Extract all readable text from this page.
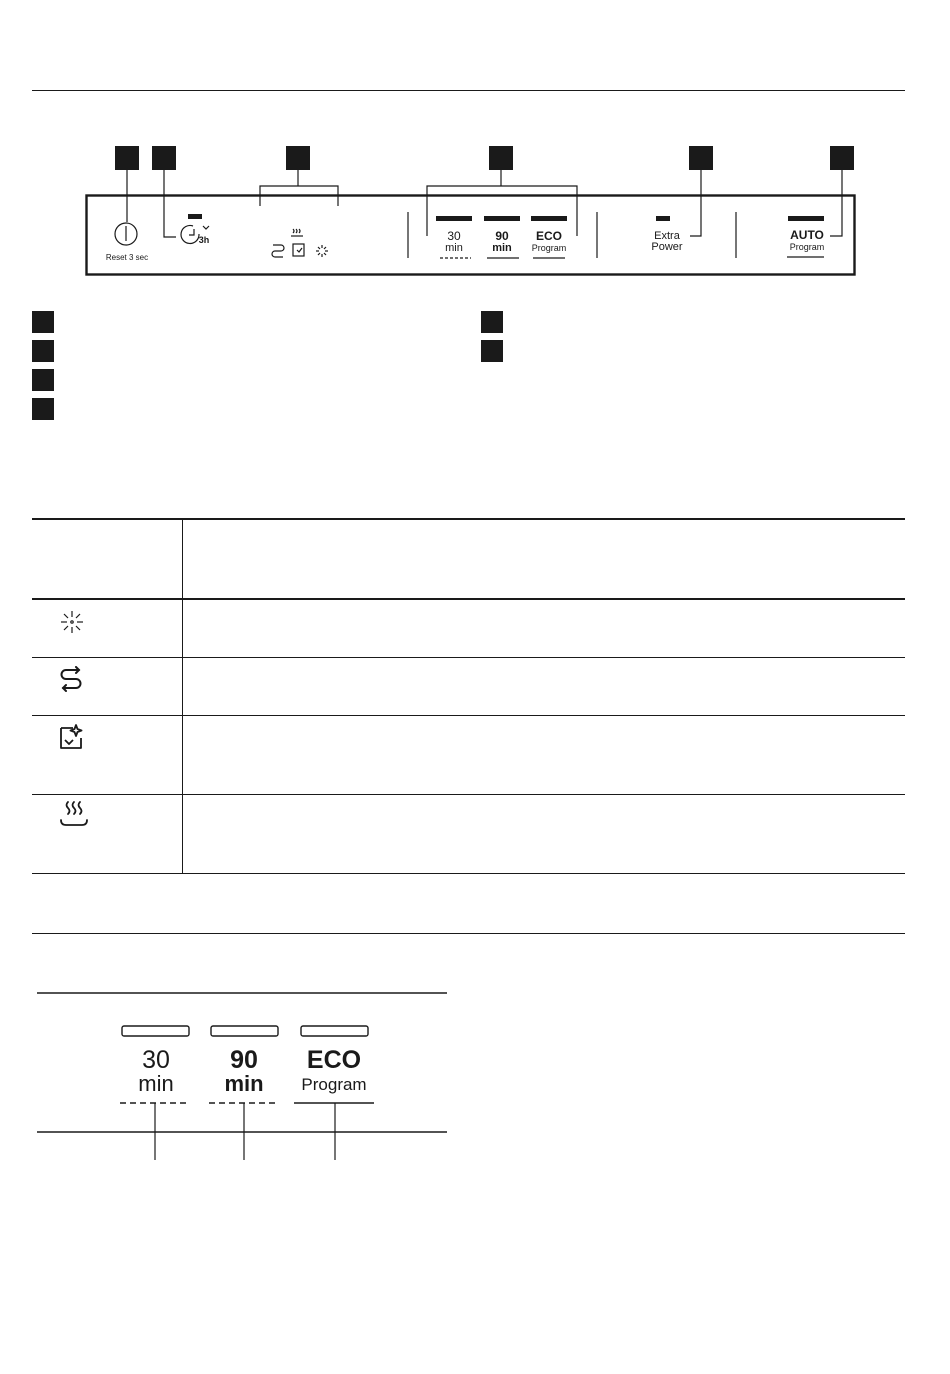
Reset 3 sec
3h	30
min
90
min
ECO
Program
Extra
Power
AUTO
Program
30
min
90
min
ECO
Program
